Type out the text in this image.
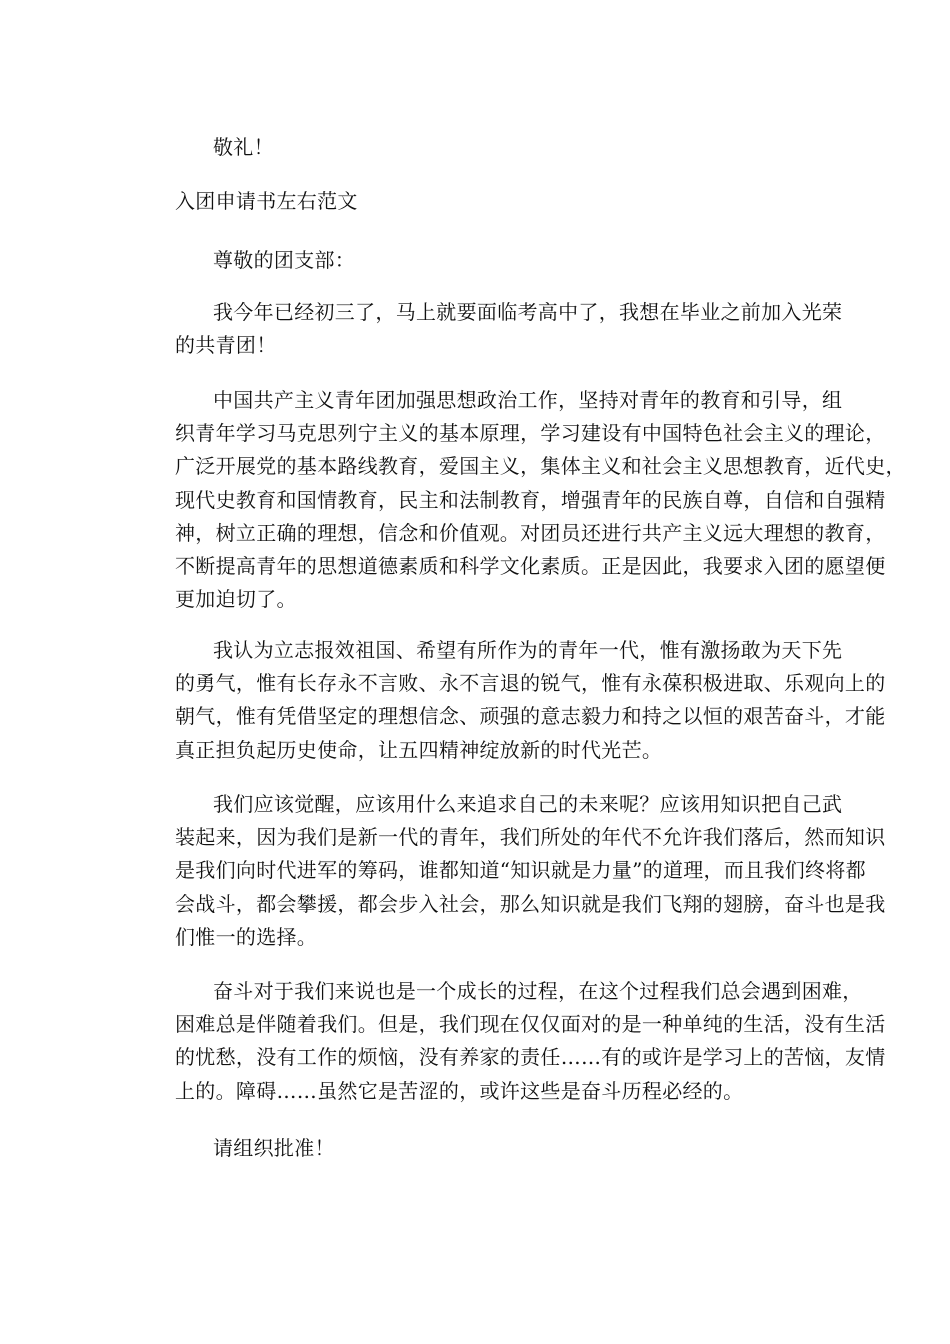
敬礼！
入团申请书左右范文
尊敬的团支部：
我今年已经初三了，马上就要面临考高中了，我想在毕业之前加入光荣
的共青团！
中国共产主义青年团加强思想政治工作，坚持对青年的教育和引导，组
织青年学习马克思列宁主义的基本原理，学习建设有中国特色社会主义的理论，
广泛开展党的基本路线教育，爱国主义，集体主义和社会主义思想教育，近代史，
现代史教育和国情教育，民主和法制教育，增强青年的民族自尊，自信和自强精
神，树立正确的理想，信念和价值观。对团员还进行共产主义远大理想的教育，
不断提高青年的思想道德素质和科学文化素质。正是因此，我要求入团的愿望便
更加迫切了。
我认为立志报效祖国、希望有所作为的青年一代，惟有激扬敢为天下先
的勇气，惟有长存永不言败、永不言退的锐气，惟有永葆积极进取、乐观向上的
朝气，惟有凭借坚定的理想信念、顽强的意志毅力和持之以恒的艰苦奋斗，才能
真正担负起历史使命，让五四精神绽放新的时代光芒。
我们应该觉醒，应该用什么来追求自己的未来呢？应该用知识把自己武
装起来，因为我们是新一代的青年，我们所处的年代不允许我们落后，然而知识
是我们向时代进军的筹码，谁都知道“知识就是力量”的道理，而且我们终将都
会战斗，都会攀援，都会步入社会，那么知识就是我们飞翔的翅膀，奋斗也是我
们惟一的选择。
奋斗对于我们来说也是一个成长的过程，在这个过程我们总会遇到困难，
困难总是伴随着我们。但是，我们现在仅仅面对的是一种单纯的生活，没有生活
的忧愁，没有工作的烦恼，没有养家的责任……有的或许是学习上的苦恼，友情
上的。障碍……虽然它是苦涩的，或许这些是奋斗历程必经的。
请组织批准！
